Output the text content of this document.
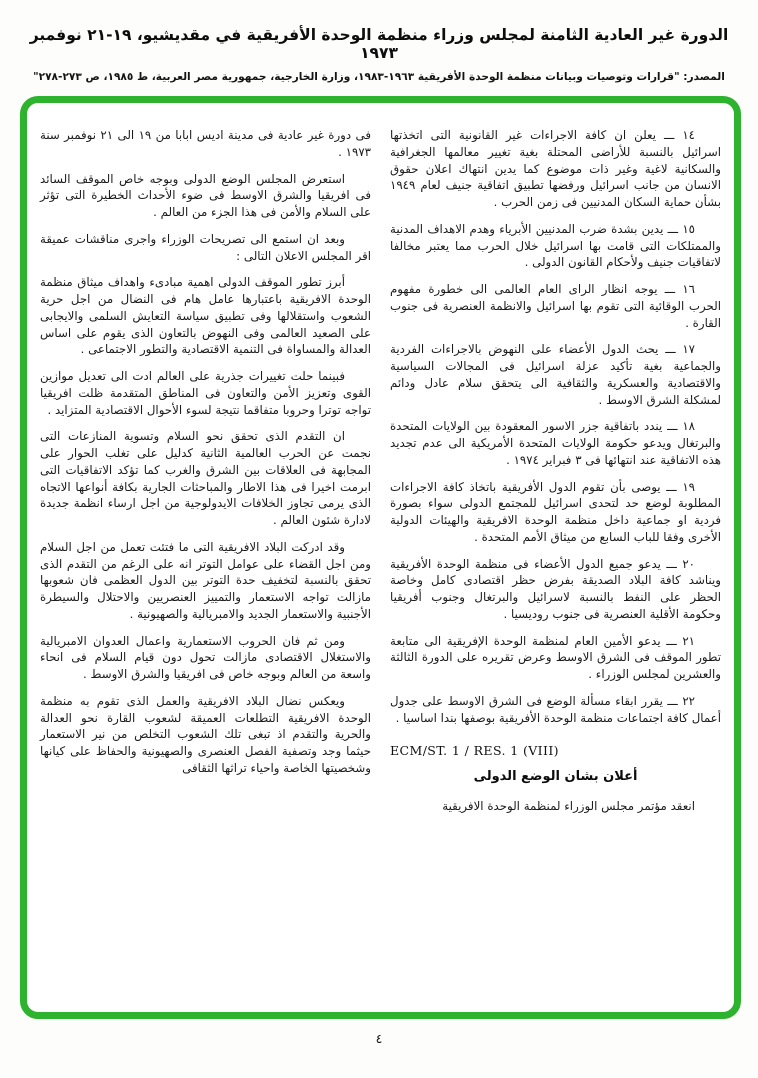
الدورة غير العادية الثامنة لمجلس وزراء منظمة الوحدة الأفريقية في مقديشيو، ١٩-٢١ نوفمبر ١٩٧٣
المصدر: "قرارات وتوصيات وبيانات منظمة الوحدة الأفريقية ١٩٦٣-١٩٨٣، وزارة الخارجية، جمهورية مصر العربية، ط ١٩٨٥، ص ٢٧٣-٢٧٨"

١٤ ـــ يعلن ان كافة الاجراءات غير القانونية التى اتخذتها اسرائيل بالنسبة للأراضى المحتلة بغية تغيير معالمها الجغرافية والسكانية لاغية وغير ذات موضوع كما يدين انتهاك اعلان حقوق الانسان من جانب اسرائيل ورفضها تطبيق اتفاقية جنيف لعام ١٩٤٩ بشأن حماية السكان المدنيين فى زمن الحرب .

١٥ ـــ يدين بشدة ضرب المدنيين الأبرياء وهدم الاهداف المدنية والممتلكات التى قامت بها اسرائيل خلال الحرب مما يعتبر مخالفا لاتفاقيات جنيف ولأحكام القانون الدولى .

١٦ ـــ يوجه انظار الراى العام العالمى الى خطورة مفهوم الحرب الوقائية التى تقوم بها اسرائيل والانظمة العنصرية فى جنوب القارة .

١٧ ـــ يحث الدول الأعضاء على النهوض بالاجراءات الفردية والجماعية بغية تأكيد عزلة اسرائيل فى المجالات السياسية والاقتصادية والعسكرية والثقافية الى يتحقق سلام عادل ودائم لمشكلة الشرق الاوسط .

١٨ ـــ يندد باتفاقية جزر الاسور المعقودة بين الولايات المتحدة والبرتغال ويدعو حكومة الولايات المتحدة الأمريكية الى عدم تجديد هذه الاتفاقية عند انتهائها فى ٣ فبراير ١٩٧٤ .

١٩ ـــ يوصى بأن تقوم الدول الأفريقية باتخاذ كافة الاجراءات المطلوبة لوضع حد لتحدى اسرائيل للمجتمع الدولى سواء بصورة فردية او جماعية داخل منظمة الوحدة الافريقية والهيئات الدولية الأخرى وفقا للباب السابع من ميثاق الأمم المتحدة .

٢٠ ـــ يدعو جميع الدول الأعضاء فى منظمة الوحدة الأفريقية ويناشد كافة البلاد الصديقة بفرض حظر اقتصادى كامل وخاصة الحظر على النفط بالنسبة لاسرائيل والبرتغال وجنوب أفريقيا وحكومة الأقلية العنصرية فى جنوب روديسيا .

٢١ ـــ يدعو الأمين العام لمنظمة الوحدة الإفريقية الى متابعة تطور الموقف فى الشرق الاوسط وعرض تقريره على الدورة الثالثة والعشرين لمجلس الوزراء .

٢٢ ـــ يقرر ابقاء مسألة الوضع فى الشرق الاوسط على جدول أعمال كافة اجتماعات منظمة الوحدة الأفريقية بوصفها بندا اساسيا .

ECM/ST. 1 / RES. 1 (VIII)

أعلان بشان الوضع الدولى

انعقد مؤتمر مجلس الوزراء لمنظمة الوحدة الافريقية

فى دورة غير عادية فى مدينة اديس ابابا من ١٩ الى ٢١ نوفمبر سنة ١٩٧٣ .

استعرض المجلس الوضع الدولى وبوجه خاص الموقف السائد فى افريقيا والشرق الاوسط فى ضوء الأحداث الخطيرة التى تؤثر على السلام والأمن فى هذا الجزء من العالم .

وبعد ان استمع الى تصريحات الوزراء واجرى مناقشات عميقة اقر المجلس الاعلان التالى :

أبرز تطور الموقف الدولى اهمية مبادىء واهداف ميثاق منظمة الوحدة الافريقية باعتبارها عامل هام فى النضال من اجل حرية الشعوب واستقلالها وفى تطبيق سياسة التعايش السلمى والايجابى على الصعيد العالمى وفى النهوض بالتعاون الذى يقوم على اساس العدالة والمساواة فى التنمية الاقتصادية والتطور الاجتماعى .

فبينما حلت تغييرات جذرية على العالم ادت الى تعديل موازين القوى وتعزيز الأمن والتعاون فى المناطق المتقدمة ظلت افريقيا تواجه توترا وحروبا متفاقما نتيجة لسوء الأحوال الاقتصادية المتزايد .

ان التقدم الذى تحقق نحو السلام وتسوية المنازعات التى نجمت عن الحرب العالمية الثانية كدليل على تغلب الحوار على المجابهة فى العلاقات بين الشرق والغرب كما تؤكد الاتفاقيات التى ابرمت اخيرا فى هذا الاطار والمباحثات الجارية بكافة أنواعها الاتجاه الذى يرمى تجاوز الخلافات الايدولوجية من اجل ارساء انظمة جديدة لادارة شئون العالم .

وقد ادركت البلاد الافريقية التى ما فتئت تعمل من اجل السلام ومن اجل القضاء على عوامل التوتر انه على الرغم من التقدم الذى تحقق بالنسبة لتخفيف حدة التوتر بين الدول العظمى فان شعوبها مازالت تواجه الاستعمار والتمييز العنصريين والاحتلال والسيطرة الأجنبية والاستعمار الجديد والامبريالية والصهيونية .

ومن ثم فان الحروب الاستعمارية واعمال العدوان الامبريالية والاستغلال الاقتصادى مازالت تحول دون قيام السلام فى انحاء واسعة من العالم وبوجه خاص فى افريقيا والشرق الاوسط .

ويعكس نضال البلاد الافريقية والعمل الذى تقوم به منظمة الوحدة الافريقية التطلعات العميقة لشعوب القارة نحو العدالة والحرية والتقدم اذ تبغى تلك الشعوب التخلص من نير الاستعمار حيثما وجد وتصفية الفصل العنصرى والصهيونية والحفاظ على كيانها وشخصيتها الخاصة واحياء تراثها الثقافى

٤
